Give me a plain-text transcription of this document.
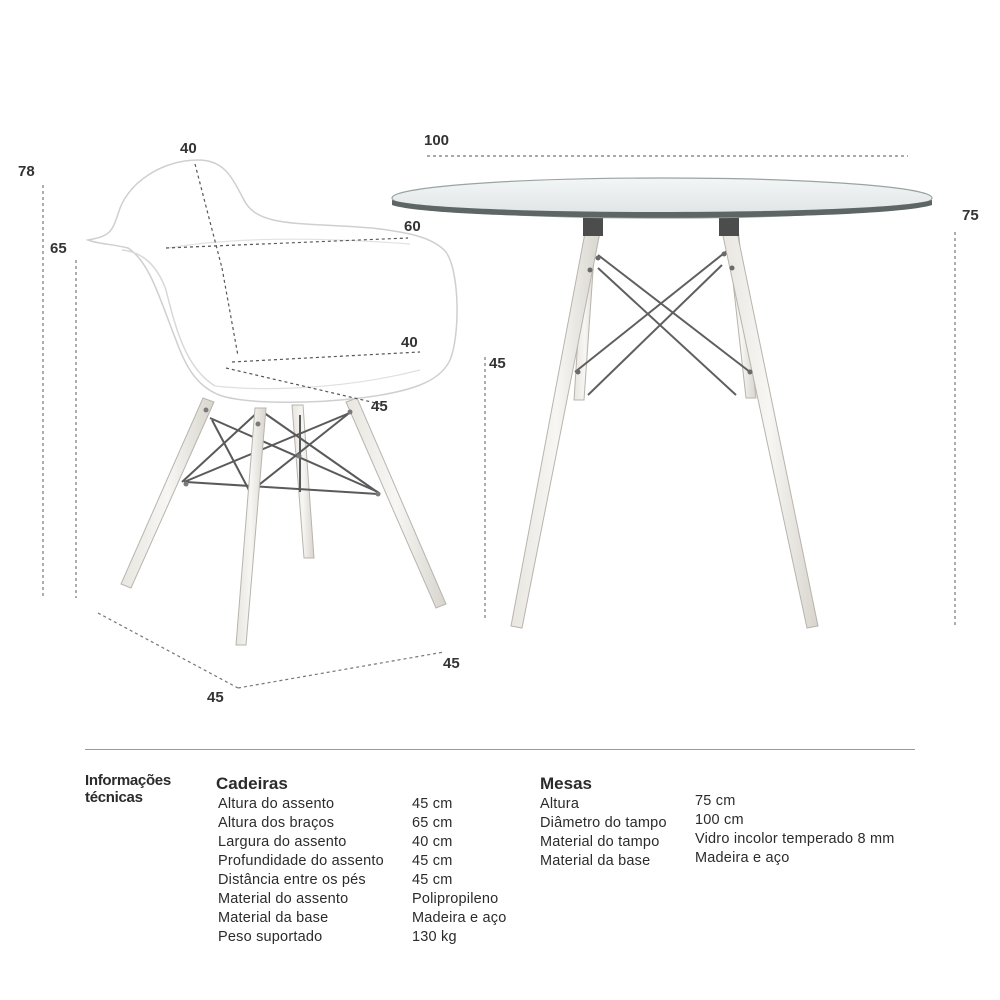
78
65
40
60
40
45
45
45
45
100
75
Informações
técnicas
Cadeiras
Altura do assento
Altura dos braços
Largura do assento
Profundidade do assento
Distância entre os pés
Material do assento
Material da base
Peso suportado
45 cm
65 cm
40 cm
45 cm
45 cm
Polipropileno
Madeira e aço
130 kg
Mesas
Altura
Diâmetro do tampo
Material do tampo
Material da base
75 cm
100 cm
Vidro incolor temperado 8 mm
Madeira e aço
